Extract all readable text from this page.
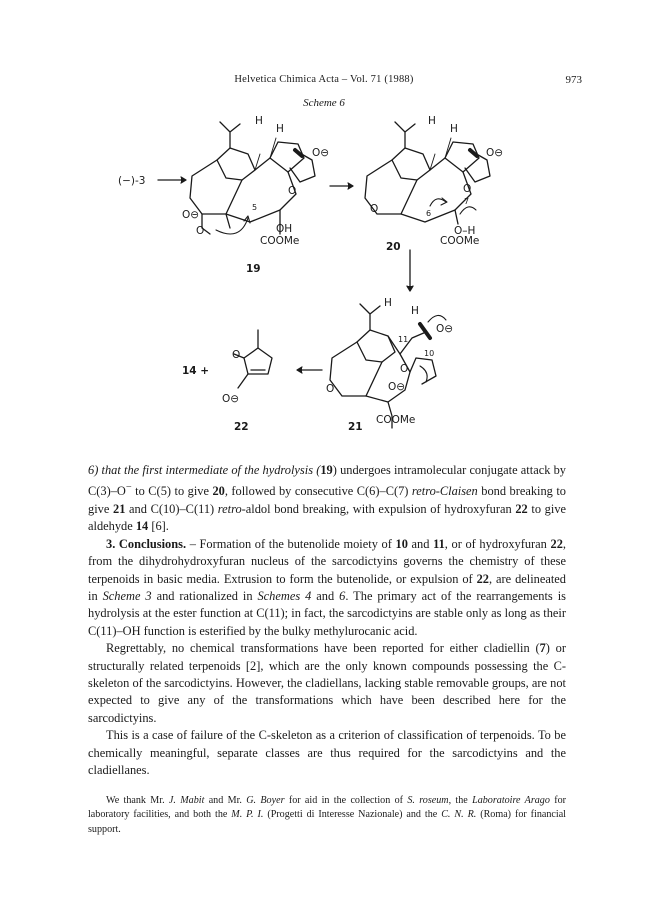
Helvetica Chimica Acta – Vol. 71 (1988)	973
Scheme 6
H
H
O⊖
O
O⊖
O
5
OH
COOMe
19
(−)-3
H
H
O⊖
O
O	6
7
O–H
COOMe
20
H
H
O⊖
11
10
O
O	O⊖
COOMe
21
14 +
O
O⊖
22

6) that the first intermediate of the hydrolysis (19) undergoes intramolecular conjugate attack by C(3)–O− to C(5) to give 20, followed by consecutive C(6)–C(7) retro-Claisen bond breaking to give 21 and C(10)–C(11) retro-aldol bond breaking, with expulsion of hydroxyfuran 22 to give aldehyde 14 [6].

3. Conclusions. – Formation of the butenolide moiety of 10 and 11, or of hydroxyfuran 22, from the dihydrohydroxyfuran nucleus of the sarcodictyins governs the chemistry of these terpenoids in basic media. Extrusion to form the butenolide, or expulsion of 22, are delineated in Scheme 3 and rationalized in Schemes 4 and 6. The primary act of the rearrangements is hydrolysis at the ester function at C(11); in fact, the sarcodictyins are stable only as long as their C(11)–OH function is esterified by the bulky methylurocanic acid.

Regrettably, no chemical transformations have been reported for either cladiellin (7) or structurally related terpenoids [2], which are the only known compounds possessing the C-skeleton of the sarcodictyins. However, the cladiellans, lacking stable removable groups, are not expected to give any of the transformations which have been described here for the sarcodictyins.

This is a case of failure of the C-skeleton as a criterion of classification of terpenoids. To be chemically meaningful, separate classes are thus required for the sarcodictyins and the cladiellanes.

We thank Mr. J. Mabit and Mr. G. Boyer for aid in the collection of S. roseum, the Laboratoire Arago for laboratory facilities, and both the M. P. I. (Progetti di Interesse Nazionale) and the C. N. R. (Roma) for financial support.
